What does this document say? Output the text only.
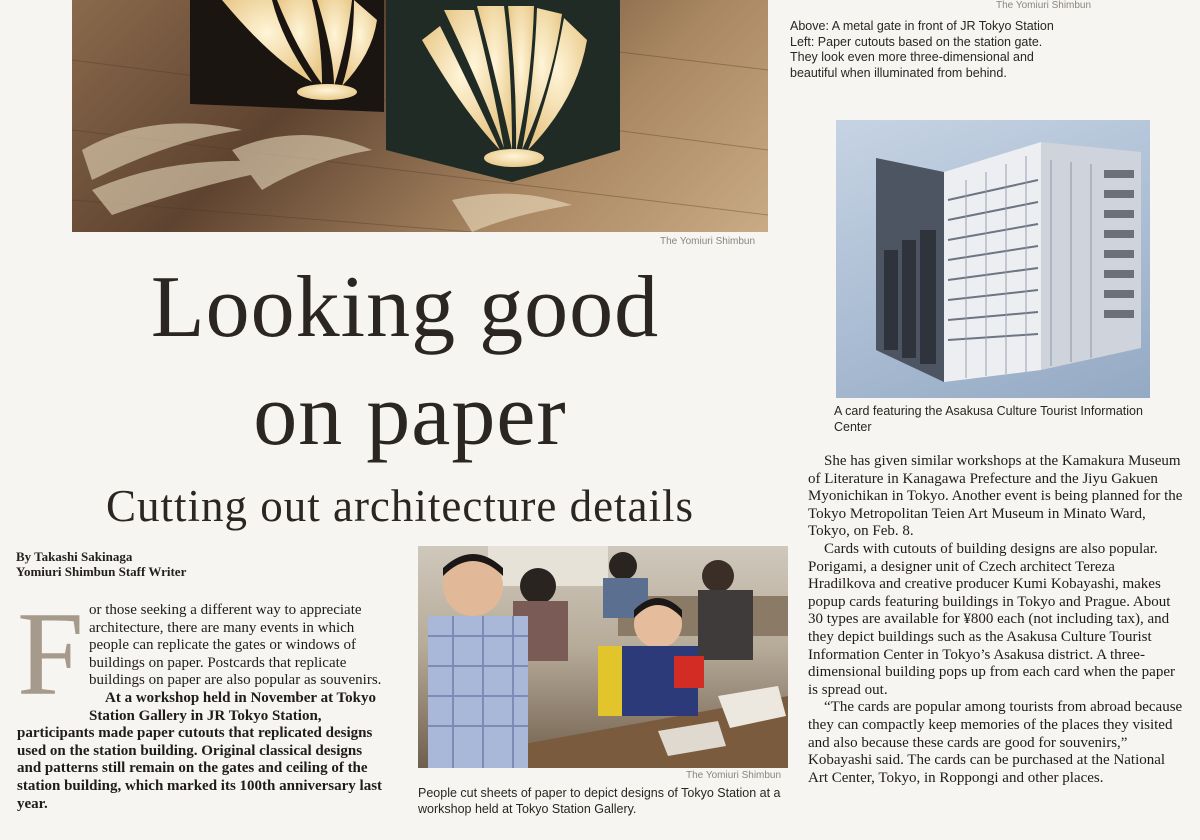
The Yomiuri Shimbun
The Yomiuri Shimbun
Above: A metal gate in front of JR Tokyo Station
Left: Paper cutouts based on the station gate.
They look even more three-dimensional and
beautiful when illuminated from behind.
A card featuring the Asakusa Culture Tourist Information Center
Looking good
on paper
Cutting out architecture details
By Takashi Sakinaga
Yomiuri Shimbun Staff Writer

For those seeking a different way to appreciate architecture, there are many events in which people can replicate the gates or windows of buildings on paper. Postcards that replicate buildings on paper are also popular as souvenirs.

At a workshop held in November at Tokyo Station Gallery in JR Tokyo Station, participants made paper cutouts that replicated designs used on the station building. Original classical designs and patterns still remain on the gates and ceiling of the station building, which marked its 100th anniversary last year.

The Yomiuri Shimbun
People cut sheets of paper to depict designs of Tokyo Station at a workshop held at Tokyo Station Gallery.

She has given similar workshops at the Kamakura Museum of Literature in Kanagawa Prefecture and the Jiyu Gakuen Myonichikan in Tokyo. Another event is being planned for the Tokyo Metropolitan Teien Art Museum in Minato Ward, Tokyo, on Feb. 8.

Cards with cutouts of building designs are also popular. Porigami, a designer unit of Czech architect Tereza Hradilkova and creative producer Kumi Kobayashi, makes popup cards featuring buildings in Tokyo and Prague. About 30 types are available for ¥800 each (not including tax), and they depict buildings such as the Asakusa Culture Tourist Information Center in Tokyo’s Asakusa district. A three-dimensional building pops up from each card when the paper is spread out.

“The cards are popular among tourists from abroad because they can compactly keep memories of the places they visited and also because these cards are good for souvenirs,” Kobayashi said. The cards can be purchased at the National Art Center, Tokyo, in Roppongi and other places.
